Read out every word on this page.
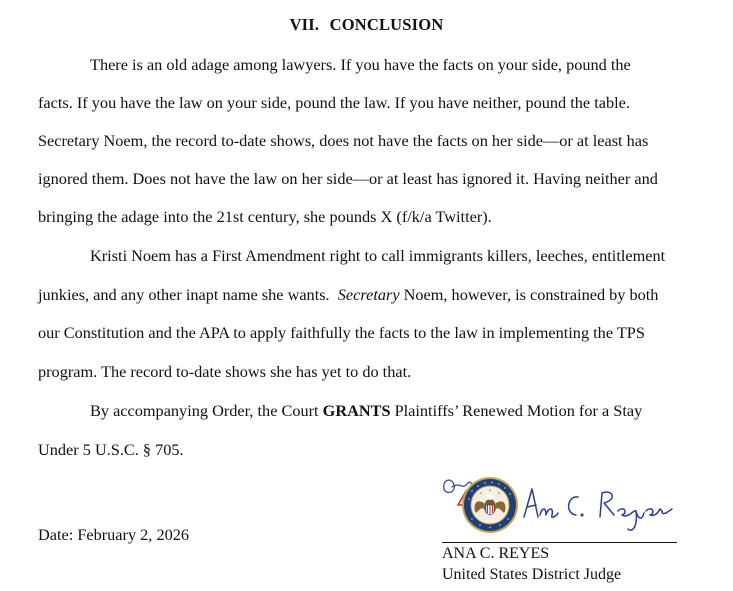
VII. CONCLUSION
There is an old adage among lawyers. If you have the facts on your side, pound the
facts. If you have the law on your side, pound the law. If you have neither, pound the table.
Secretary Noem, the record to-date shows, does not have the facts on her side—or at least has
ignored them. Does not have the law on her side—or at least has ignored it. Having neither and
bringing the adage into the 21st century, she pounds X (f/k/a Twitter).
Kristi Noem has a First Amendment right to call immigrants killers, leeches, entitlement
junkies, and any other inapt name she wants.  Secretary Noem, however, is constrained by both
our Constitution and the APA to apply faithfully the facts to the law in implementing the TPS
program. The record to-date shows she has yet to do that.
By accompanying Order, the Court GRANTS Plaintiffs’ Renewed Motion for a Stay
Under 5 U.S.C. § 705.
Date: February 2, 2026
ANA C. REYES
United States District Judge
